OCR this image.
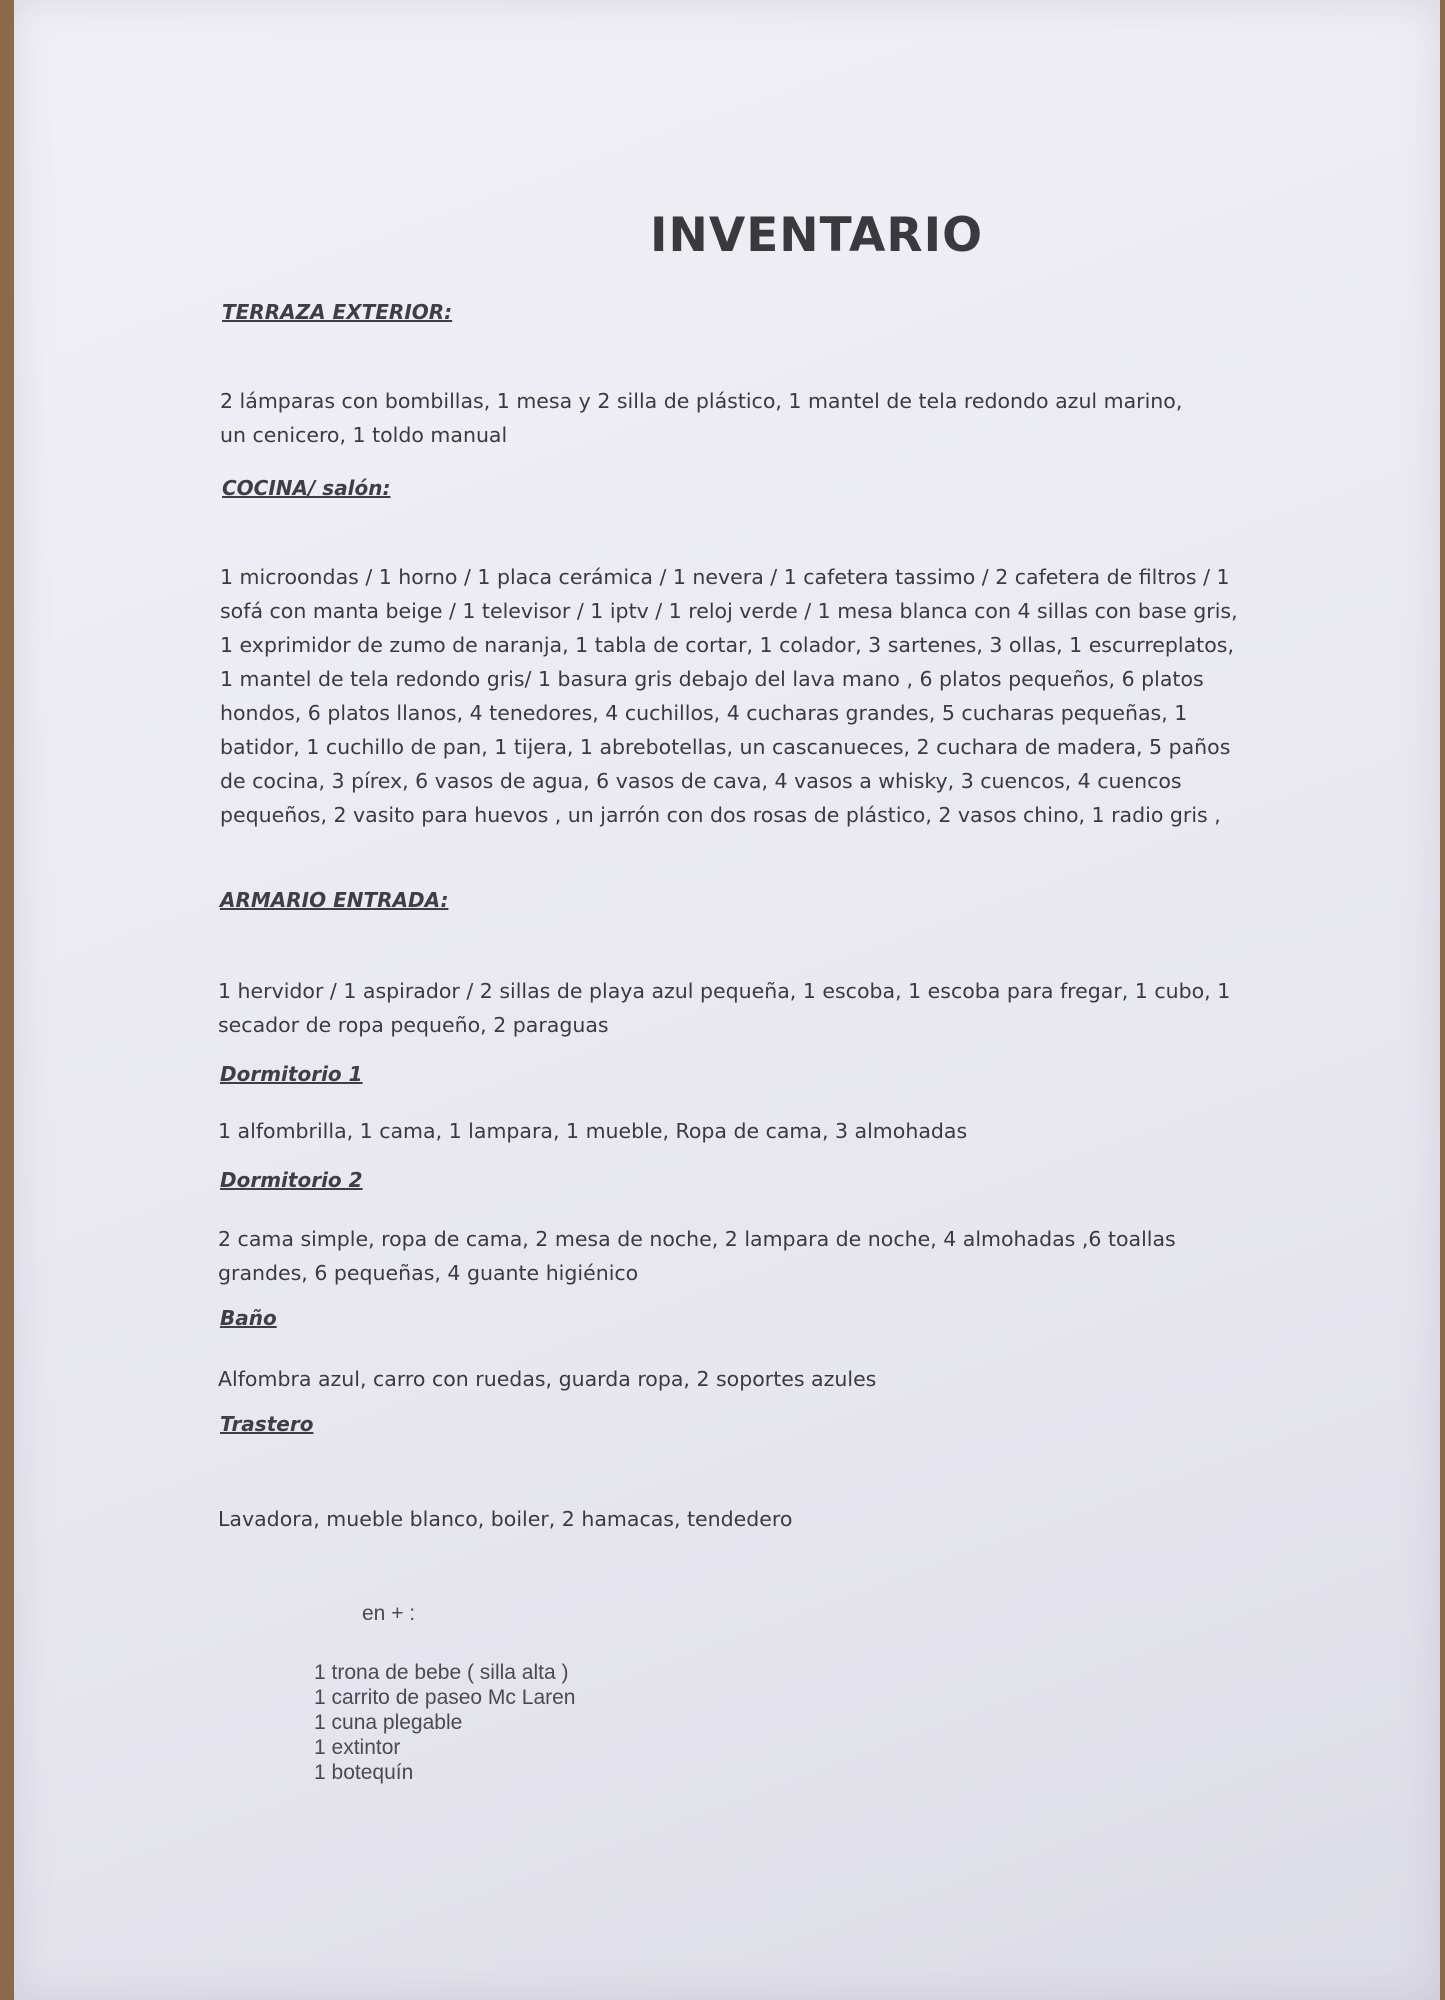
INVENTARIO
TERRAZA EXTERIOR:

2 lámparas con bombillas, 1 mesa y 2 silla de plástico, 1 mantel de tela redondo azul marino, un cenicero, 1 toldo manual

COCINA/ salón:

1 microondas / 1 horno / 1 placa cerámica / 1 nevera / 1 cafetera tassimo / 2 cafetera de filtros / 1 sofá con manta beige / 1 televisor / 1 iptv / 1 reloj verde / 1 mesa blanca con 4 sillas con base gris, 1 exprimidor de zumo de naranja, 1 tabla de cortar, 1 colador, 3 sartenes, 3 ollas, 1 escurreplatos, 1 mantel de tela redondo gris/ 1 basura gris debajo del lava mano , 6 platos pequeños, 6 platos hondos, 6 platos llanos, 4 tenedores, 4 cuchillos, 4 cucharas grandes, 5 cucharas pequeñas, 1 batidor, 1 cuchillo de pan, 1 tijera, 1 abrebotellas, un cascanueces, 2 cuchara de madera, 5 paños de cocina, 3 pírex, 6 vasos de agua, 6 vasos de cava, 4 vasos a whisky, 3 cuencos, 4 cuencos pequeños, 2 vasito para huevos , un jarrón con dos rosas de plástico, 2 vasos chino, 1 radio gris ,

ARMARIO ENTRADA:

1 hervidor / 1 aspirador / 2 sillas de playa azul pequeña, 1 escoba, 1 escoba para fregar, 1 cubo, 1 secador de ropa pequeño, 2 paraguas

Dormitorio 1

1 alfombrilla, 1 cama, 1 lampara, 1 mueble, Ropa de cama, 3 almohadas

Dormitorio 2

2 cama simple, ropa de cama, 2 mesa de noche, 2 lampara de noche, 4 almohadas ,6 toallas grandes, 6 pequeñas, 4 guante higiénico

Baño

Alfombra azul, carro con ruedas, guarda ropa, 2 soportes azules

Trastero

Lavadora, mueble blanco, boiler, 2 hamacas, tendedero

en + :

1 trona de bebe ( silla alta )
1 carrito de paseo Mc Laren
1 cuna plegable
1 extintor
1 botequín
